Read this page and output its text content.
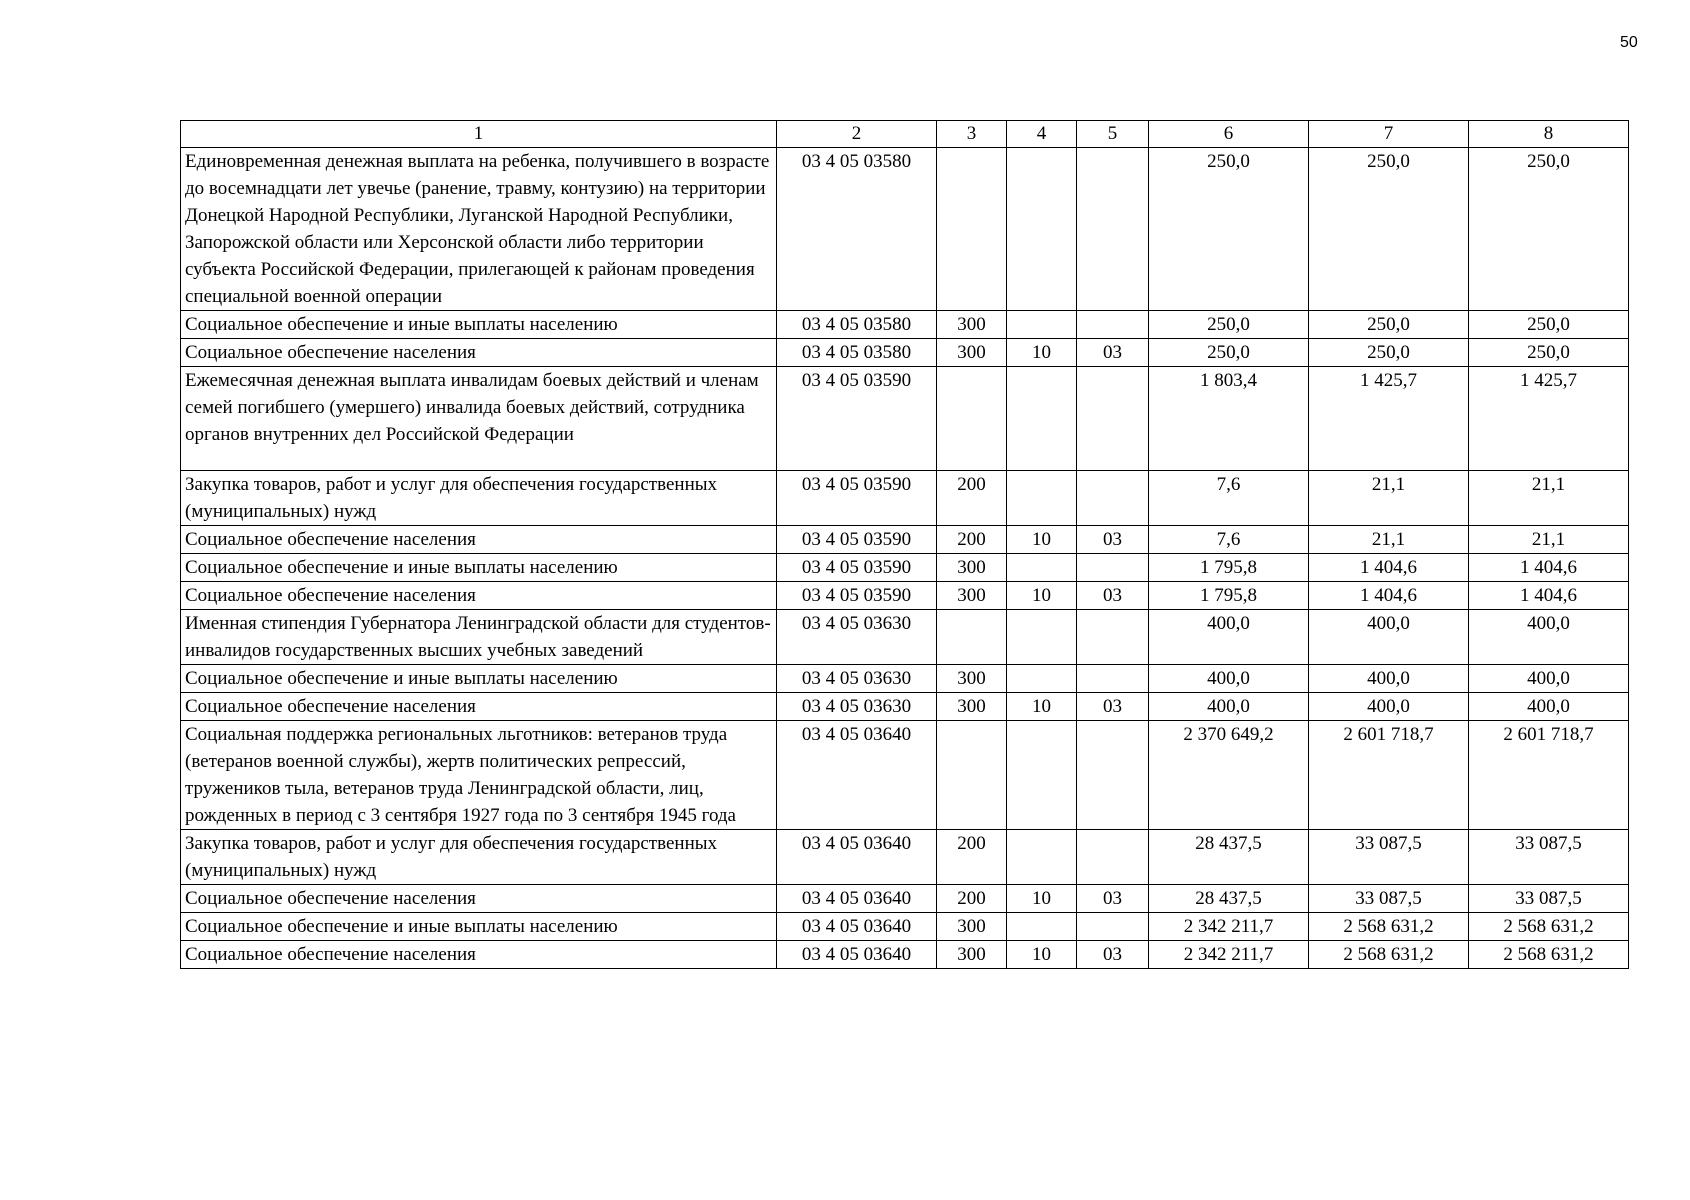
50
1	2	3	4	5	6	7	8
Единовременная денежная выплата на ребенка, получившего в возрасте до восемнадцати лет увечье (ранение, травму, контузию) на территории Донецкой Народной Республики, Луганской Народной Республики, Запорожской области или Херсонской области либо территории субъекта Российской Федерации, прилегающей к районам проведения специальной военной операции	03 4 05 03580				250,0	250,0	250,0
Социальное обеспечение и иные выплаты населению	03 4 05 03580	300			250,0	250,0	250,0
Социальное обеспечение населения	03 4 05 03580	300	10	03	250,0	250,0	250,0
Ежемесячная денежная выплата инвалидам боевых действий и членам семей погибшего (умершего) инвалида боевых действий, сотрудника органов внутренних дел Российской Федерации	03 4 05 03590				1 803,4	1 425,7	1 425,7
Закупка товаров, работ и услуг для обеспечения государственных (муниципальных) нужд	03 4 05 03590	200			7,6	21,1	21,1
Социальное обеспечение населения	03 4 05 03590	200	10	03	7,6	21,1	21,1
Социальное обеспечение и иные выплаты населению	03 4 05 03590	300			1 795,8	1 404,6	1 404,6
Социальное обеспечение населения	03 4 05 03590	300	10	03	1 795,8	1 404,6	1 404,6
Именная стипендия Губернатора Ленинградской области для студентов-инвалидов государственных высших учебных заведений	03 4 05 03630				400,0	400,0	400,0
Социальное обеспечение и иные выплаты населению	03 4 05 03630	300			400,0	400,0	400,0
Социальное обеспечение населения	03 4 05 03630	300	10	03	400,0	400,0	400,0
Социальная поддержка региональных льготников: ветеранов труда (ветеранов военной службы), жертв политических репрессий, тружеников тыла, ветеранов труда Ленинградской области, лиц, рожденных в период с 3 сентября 1927 года по 3 сентября 1945 года	03 4 05 03640				2 370 649,2	2 601 718,7	2 601 718,7
Закупка товаров, работ и услуг для обеспечения государственных (муниципальных) нужд	03 4 05 03640	200			28 437,5	33 087,5	33 087,5
Социальное обеспечение населения	03 4 05 03640	200	10	03	28 437,5	33 087,5	33 087,5
Социальное обеспечение и иные выплаты населению	03 4 05 03640	300			2 342 211,7	2 568 631,2	2 568 631,2
Социальное обеспечение населения	03 4 05 03640	300	10	03	2 342 211,7	2 568 631,2	2 568 631,2
